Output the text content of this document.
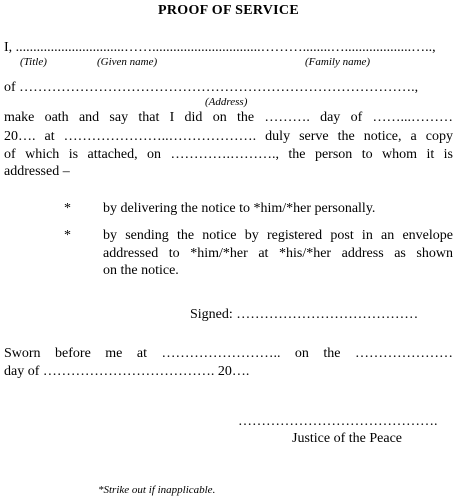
PROOF OF SERVICE
I, ...............................……...............................………........…...................…..,
(Title)	(Given name)	(Family name)
of ………………………………………………………………………….,
(Address)
make oath and say that I did on the ………. day of ……...………
20…. at …………………..………………. duly serve the notice, a copy
of which is attached, on ………….………., the person to whom it is
addressed –
* by delivering the notice to *him/*her personally.
* by sending the notice by registered post in an envelope
addressed to *him/*her at *his/*her address as shown
on the notice.
Signed: …………………………………
Sworn before me at …………………….. on the …………………
day of ………………………………. 20….
…………………………………….
Justice of the Peace
*Strike out if inapplicable.
